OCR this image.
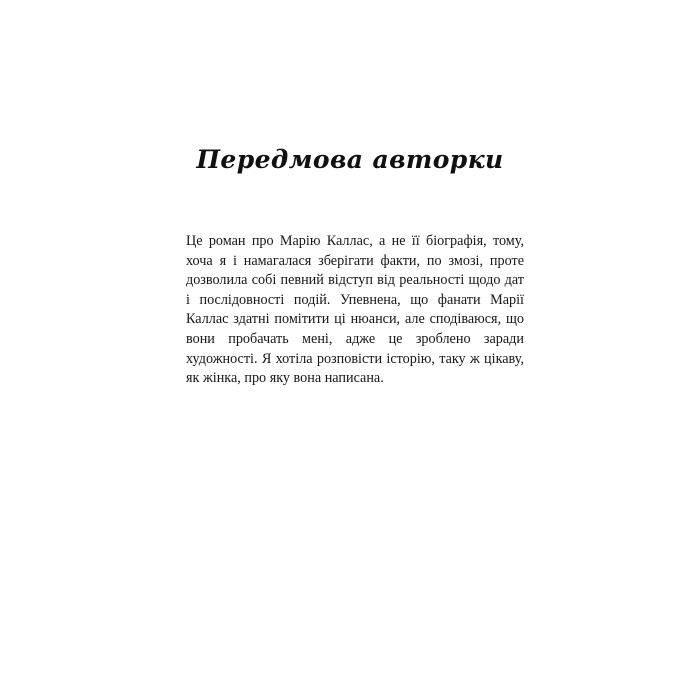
Передмова авторки

Це роман про Марію Каллас, а не її біографія, тому, хоча я і намагалася зберігати факти, по змозі, проте дозволила собі певний відступ від реальності щодо дат і послідовності подій. Упевнена, що фанати Марії Каллас здатні помітити ці нюанси, але сподіваюся, що вони пробачать мені, адже це зроблено заради художності. Я хотіла розповісти історію, таку ж цікаву, як жінка, про яку вона написана.
